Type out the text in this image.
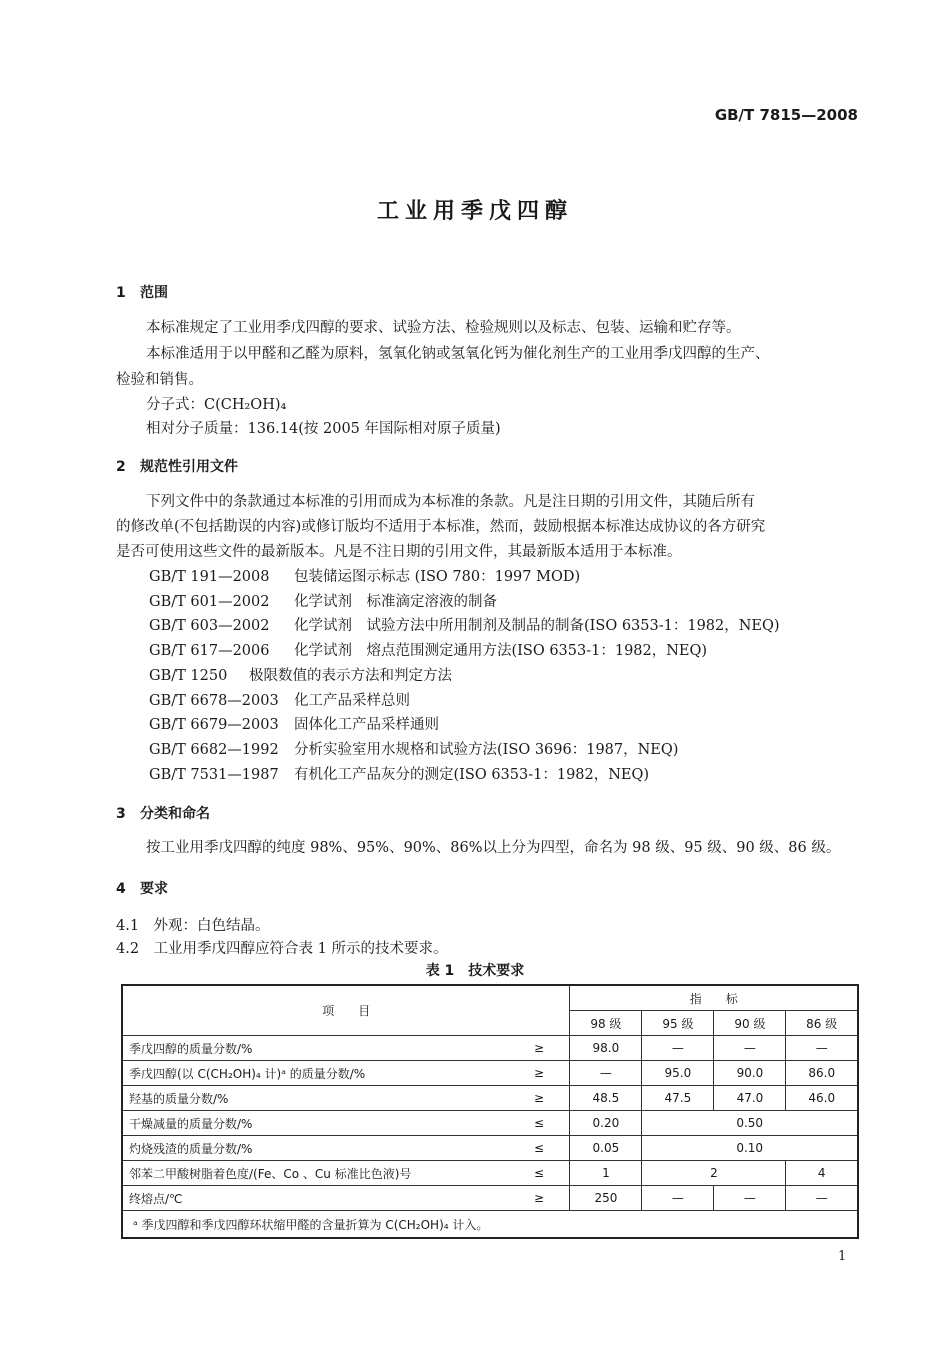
GB/T 7815—2008
工业用季戊四醇
1 范围
本标准规定了工业用季戊四醇的要求、试验方法、检验规则以及标志、包装、运输和贮存等。
本标准适用于以甲醛和乙醛为原料，氢氧化钠或氢氧化钙为催化剂生产的工业用季戊四醇的生产、
检验和销售。
分子式：C(CH₂OH)₄
相对分子质量：136.14(按 2005 年国际相对原子质量)
2 规范性引用文件
下列文件中的条款通过本标准的引用而成为本标准的条款。凡是注日期的引用文件，其随后所有
的修改单(不包括勘误的内容)或修订版均不适用于本标准，然而，鼓励根据本标准达成协议的各方研究
是否可使用这些文件的最新版本。凡是不注日期的引用文件，其最新版本适用于本标准。
GB/T 191—2008 包装储运图示标志 (ISO 780：1997 MOD)
GB/T 601—2002 化学试剂　标准滴定溶液的制备
GB/T 603—2002 化学试剂　试验方法中所用制剂及制品的制备(ISO 6353-1：1982，NEQ)
GB/T 617—2006 化学试剂　熔点范围测定通用方法(ISO 6353-1：1982，NEQ)
GB/T 1250 极限数值的表示方法和判定方法
GB/T 6678—2003 化工产品采样总则
GB/T 6679—2003 固体化工产品采样通则
GB/T 6682—1992 分析实验室用水规格和试验方法(ISO 3696：1987，NEQ)
GB/T 7531—1987 有机化工产品灰分的测定(ISO 6353-1：1982，NEQ)
3 分类和命名
按工业用季戊四醇的纯度 98%、95%、90%、86%以上分为四型，命名为 98 级、95 级、90 级、86 级。
4 要求
4.1　外观：白色结晶。
4.2　工业用季戊四醇应符合表 1 所示的技术要求。
表 1　技术要求
项　　目		指　　标			
		98 级	95 级	90 级	86 级
季戊四醇的质量分数/%	≥	98.0	—	—	—
季戊四醇(以 C(CH₂OH)₄ 计)ᵃ 的质量分数/%	≥	—	95.0	90.0	86.0
羟基的质量分数/%	≥	48.5	47.5	47.0	46.0
干燥减量的质量分数/%	≤	0.20	0.50		
灼烧残渣的质量分数/%	≤	0.05	0.10		
邻苯二甲酸树脂着色度/(Fe、Co 、Cu 标准比色液)号	≤	1	2		4
终熔点/℃	≥	250	—	—	—
ᵃ 季戊四醇和季戊四醇环状缩甲醛的含量折算为 C(CH₂OH)₄ 计入。					
1
